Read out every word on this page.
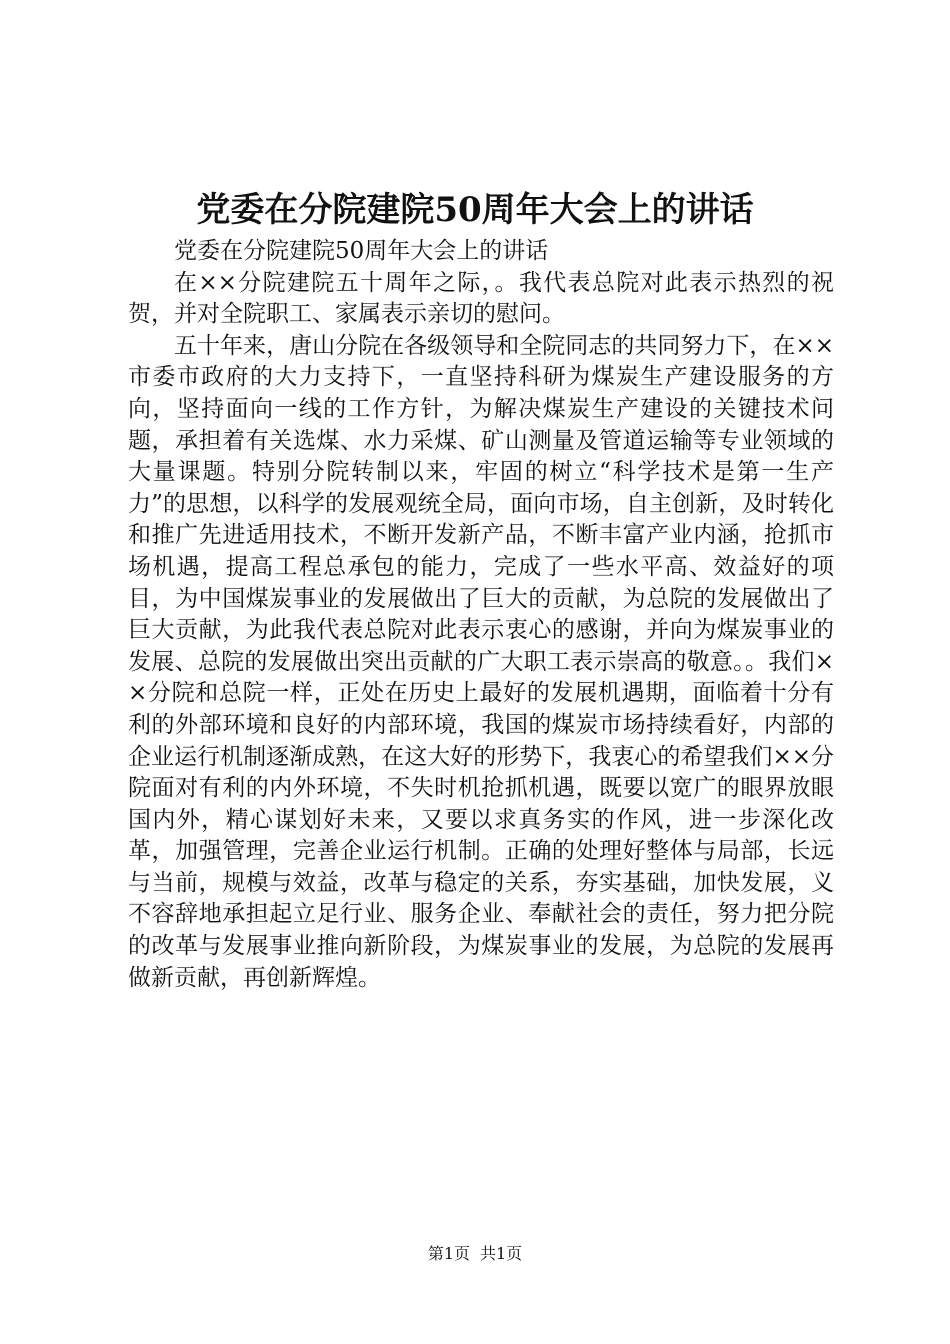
党委在分院建院50周年大会上的讲话

党委在分院建院50周年大会上的讲话

在××分院建院五十周年之际，。我代表总院对此表示热烈的祝贺，并对全院职工、家属表示亲切的慰问。

五十年来，唐山分院在各级领导和全院同志的共同努力下，在××市委市政府的大力支持下，一直坚持科研为煤炭生产建设服务的方向，坚持面向一线的工作方针，为解决煤炭生产建设的关键技术问题，承担着有关选煤、水力采煤、矿山测量及管道运输等专业领域的大量课题。特别分院转制以来，牢固的树立“科学技术是第一生产力”的思想，以科学的发展观统全局，面向市场，自主创新，及时转化和推广先进适用技术，不断开发新产品，不断丰富产业内涵，抢抓市场机遇，提高工程总承包的能力，完成了一些水平高、效益好的项目，为中国煤炭事业的发展做出了巨大的贡献，为总院的发展做出了巨大贡献，为此我代表总院对此表示衷心的感谢，并向为煤炭事业的发展、总院的发展做出突出贡献的广大职工表示崇高的敬意。。我们××分院和总院一样，正处在历史上最好的发展机遇期，面临着十分有利的外部环境和良好的内部环境，我国的煤炭市场持续看好，内部的企业运行机制逐渐成熟，在这大好的形势下，我衷心的希望我们××分院面对有利的内外环境，不失时机抢抓机遇，既要以宽广的眼界放眼国内外，精心谋划好未来，又要以求真务实的作风，进一步深化改革，加强管理，完善企业运行机制。正确的处理好整体与局部，长远与当前，规模与效益，改革与稳定的关系，夯实基础，加快发展，义不容辞地承担起立足行业、服务企业、奉献社会的责任，努力把分院的改革与发展事业推向新阶段，为煤炭事业的发展，为总院的发展再做新贡献，再创新辉煌。

第1页 共1页
